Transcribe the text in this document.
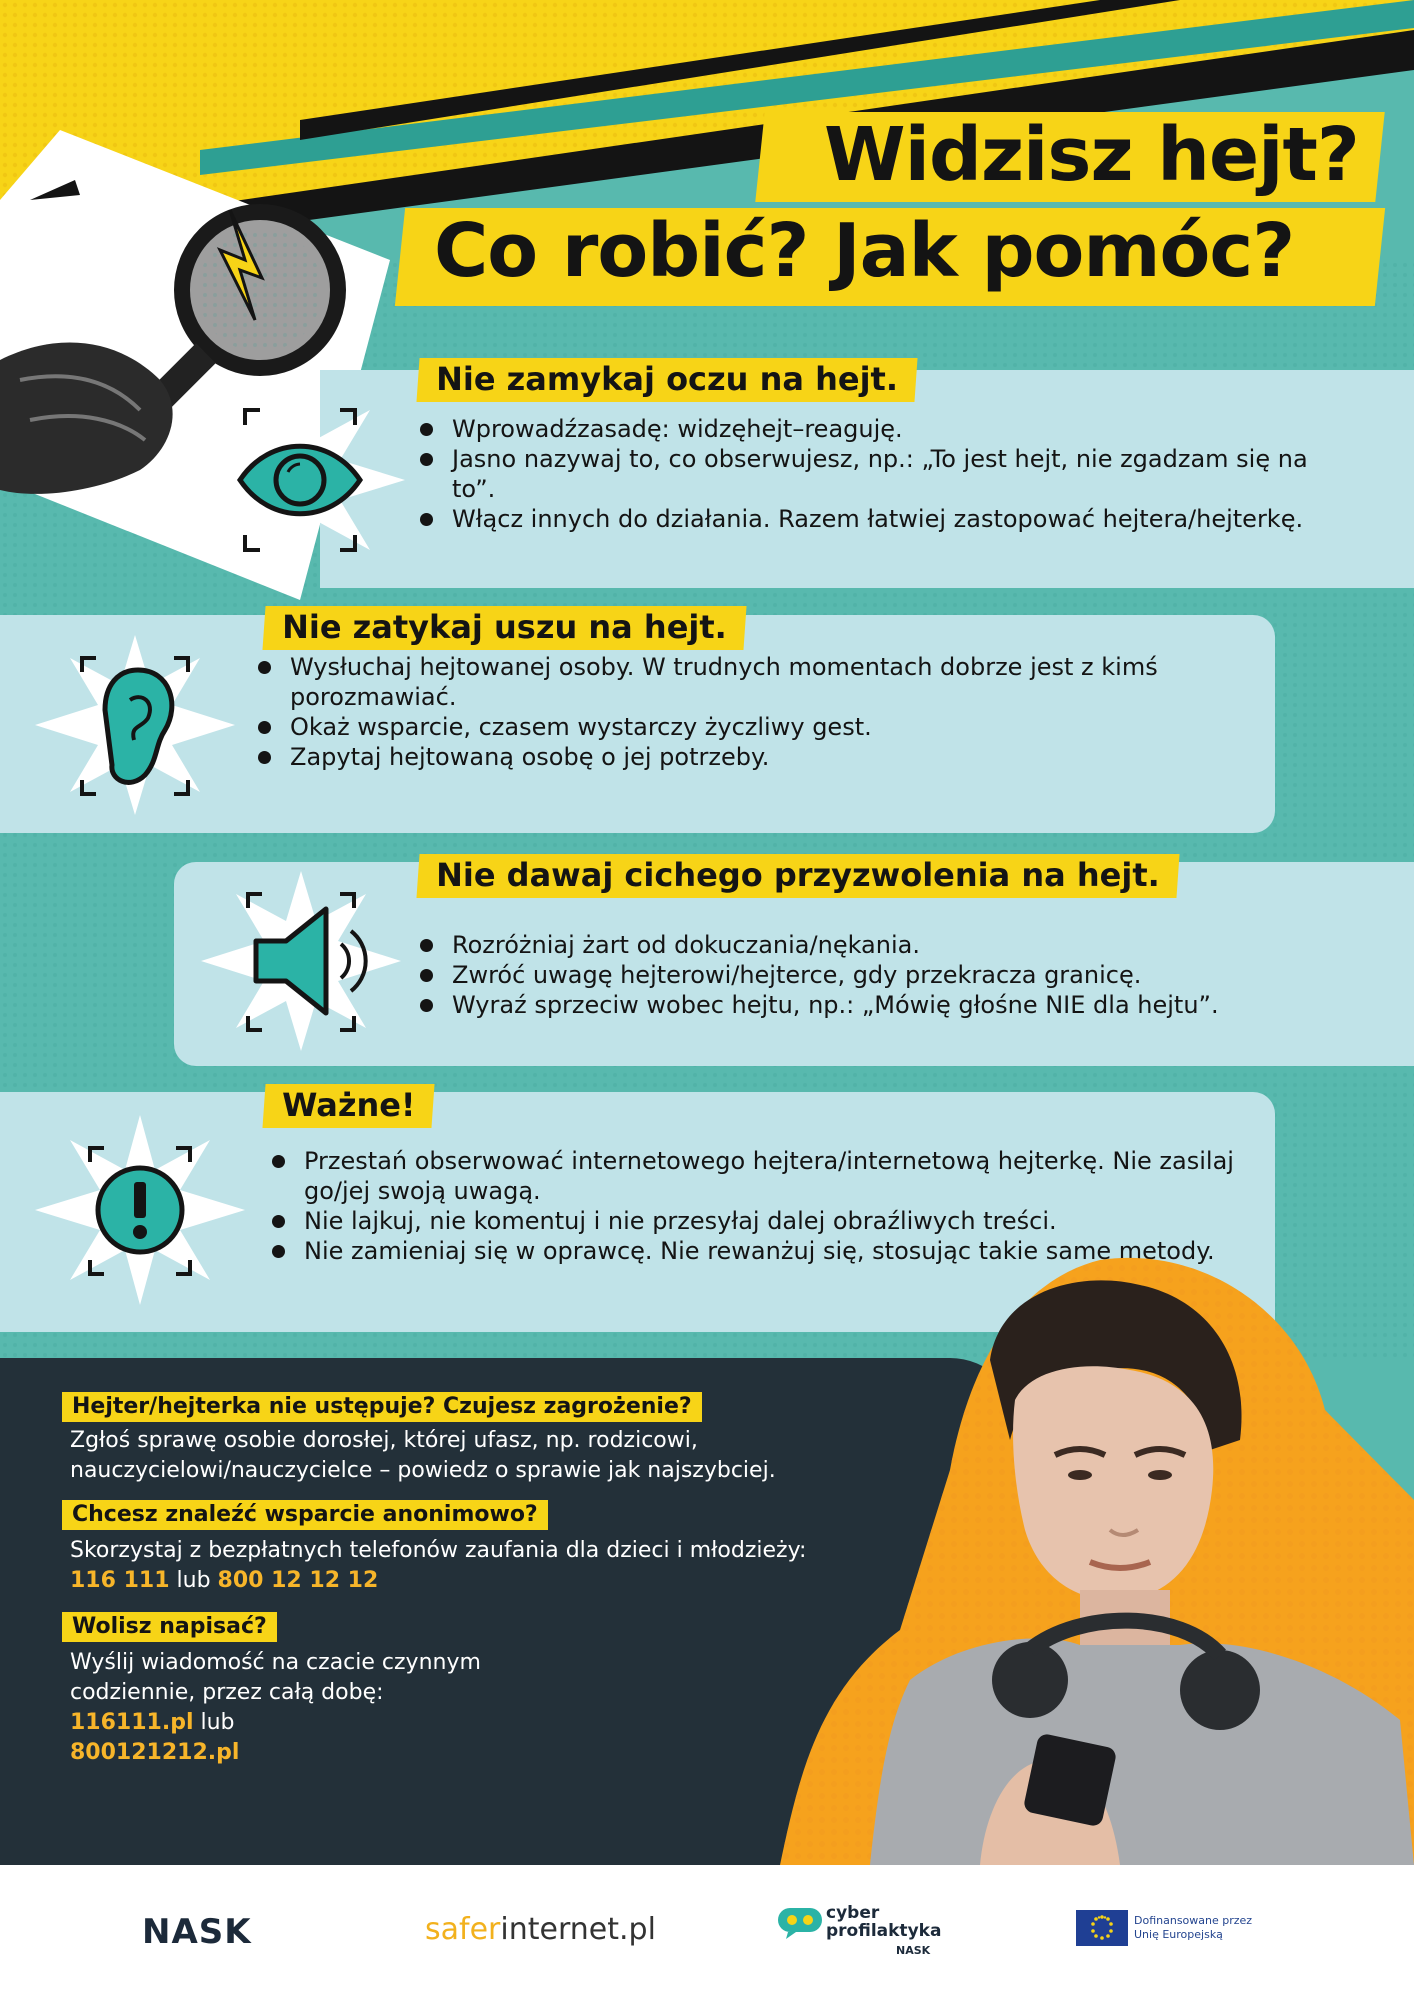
Widzisz hejt?
Co robić? Jak pomóc?
Nie zamykaj oczu na hejt.
Wprowadźzasadę: widzęhejt–reaguję.
Jasno nazywaj to, co obserwujesz, np.: „To jest hejt, nie zgadzam się na to”.
Włącz innych do działania. Razem łatwiej zastopować hejtera/hejterkę.
Nie zatykaj uszu na hejt.
Wysłuchaj hejtowanej osoby. W trudnych momentach dobrze jest z kimś porozmawiać.
Okaż wsparcie, czasem wystarczy życzliwy gest.
Zapytaj hejtowaną osobę o jej potrzeby.
Nie dawaj cichego przyzwolenia na hejt.
Rozróżniaj żart od dokuczania/nękania.
Zwróć uwagę hejterowi/hejterce, gdy przekracza granicę.
Wyraź sprzeciw wobec hejtu, np.: „Mówię głośne NIE dla hejtu”.
Ważne!
Przestań obserwować internetowego hejtera/internetową hejterkę. Nie zasilaj go/jej swoją uwagą.
Nie lajkuj, nie komentuj i nie przesyłaj dalej obraźliwych treści.
Nie zamieniaj się w oprawcę. Nie rewanżuj się, stosując takie same metody.
Hejter/hejterka nie ustępuje? Czujesz zagrożenie?
Zgłoś sprawę osobie dorosłej, której ufasz, np. rodzicowi,
nauczycielowi/nauczycielce – powiedz o sprawie jak najszybciej.
Chcesz znaleźć wsparcie anonimowo?
Skorzystaj z bezpłatnych telefonów zaufania dla dzieci i młodzieży:
116 111 lub 800 12 12 12
Wolisz napisać?
Wyślij wiadomość na czacie czynnym
codziennie, przez całą dobę:
116111.pl lub
800121212.pl
NASK	saferinternet.pl	cyber
profilaktyka
NASK
Dofinansowane przez
Unię Europejską
